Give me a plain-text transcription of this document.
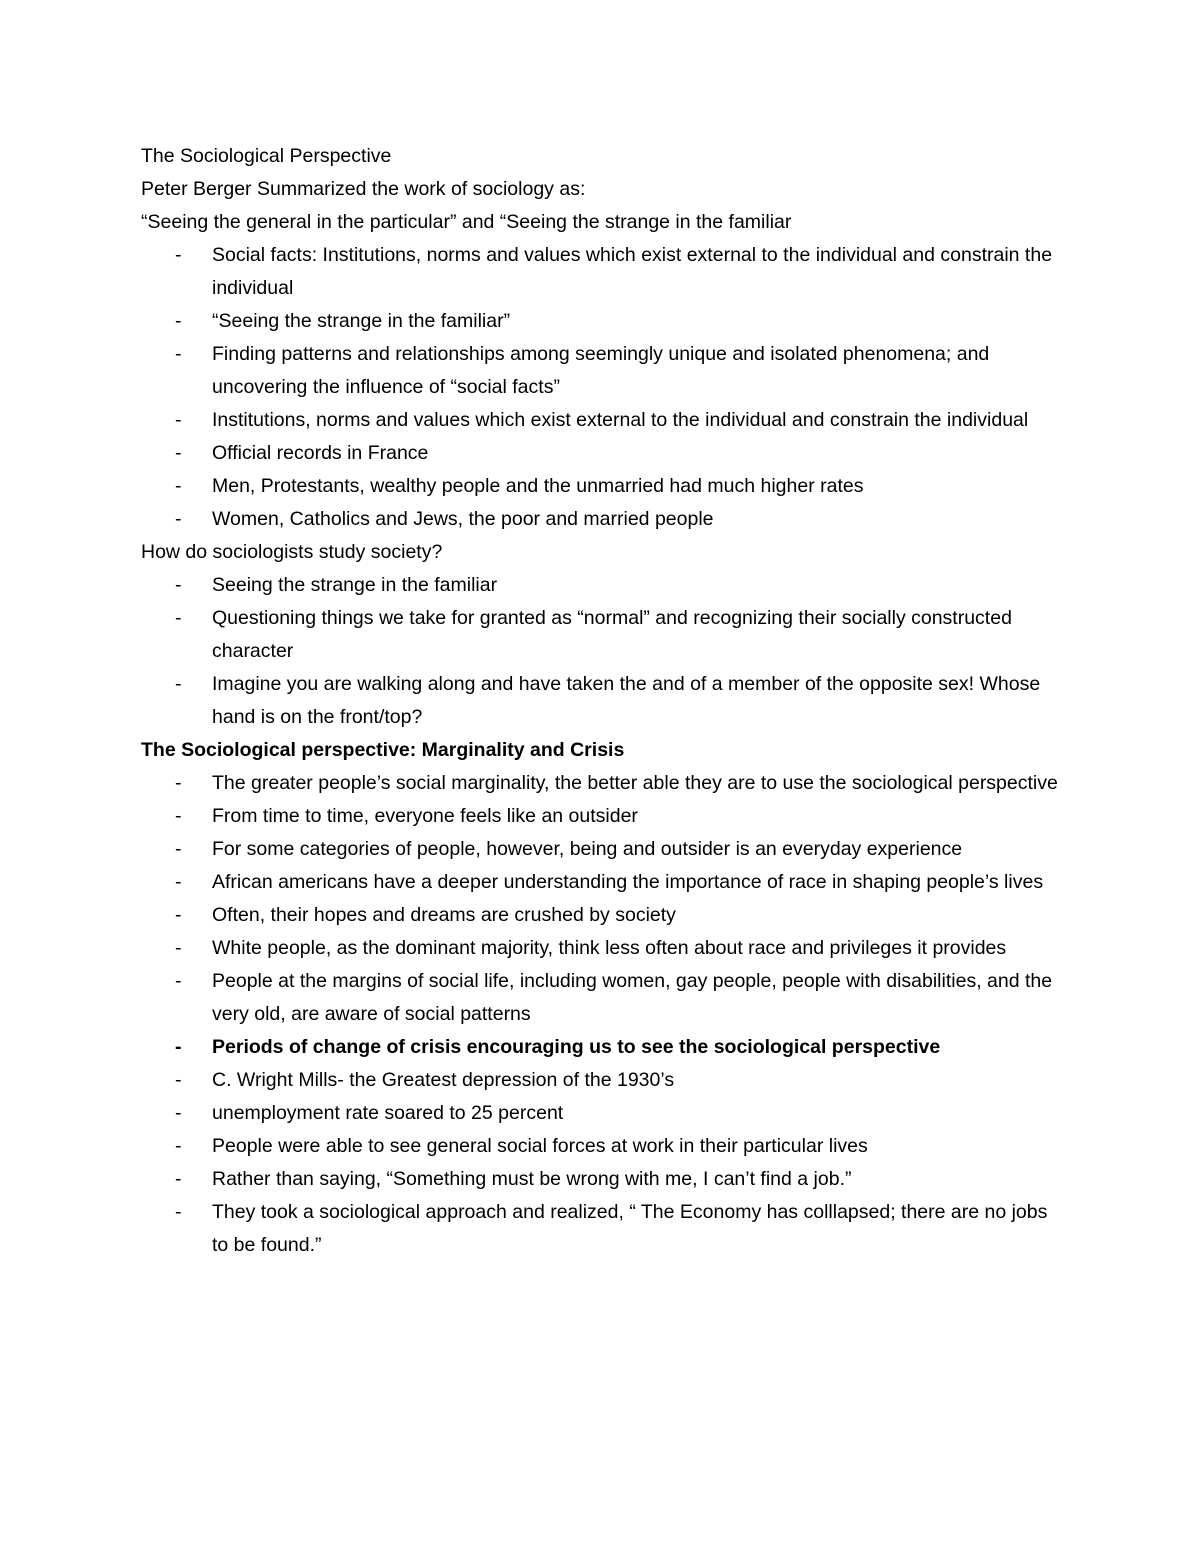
The Sociological Perspective
Peter Berger Summarized the work of sociology as:
“Seeing the general in the particular” and “Seeing the strange in the familiar
- Social facts: Institutions, norms and values which exist external to the individual and constrain the individual
- “Seeing the strange in the familiar”
- Finding patterns and relationships among seemingly unique and isolated phenomena; and uncovering the influence of “social facts”
- Institutions, norms and values which exist external to the individual and constrain the individual
- Official records in France
- Men, Protestants, wealthy people and the unmarried had much higher rates
- Women, Catholics and Jews, the poor and married people
How do sociologists study society?
- Seeing the strange in the familiar
- Questioning things we take for granted as “normal” and recognizing their socially constructed character
- Imagine you are walking along and have taken the and of a member of the opposite sex! Whose hand is on the front/top?
The Sociological perspective: Marginality and Crisis
- The greater people’s social marginality, the better able they are to use the sociological perspective
- From time to time, everyone feels like an outsider
- For some categories of people, however, being and outsider is an everyday experience
- African americans have a deeper understanding the importance of race in shaping people’s lives
- Often, their hopes and dreams are crushed by society
- White people, as the dominant majority, think less often about race and privileges it provides
- People at the margins of social life, including women, gay people, people with disabilities, and the very old, are aware of social patterns
- Periods of change of crisis encouraging us to see the sociological perspective
- C. Wright Mills- the Greatest depression of the 1930’s
- unemployment rate soared to 25 percent
- People were able to see general social forces at work in their particular lives
- Rather than saying, “Something must be wrong with me, I can’t find a job.”
- They took a sociological approach and realized, “ The Economy has colllapsed; there are no jobs to be found.”
